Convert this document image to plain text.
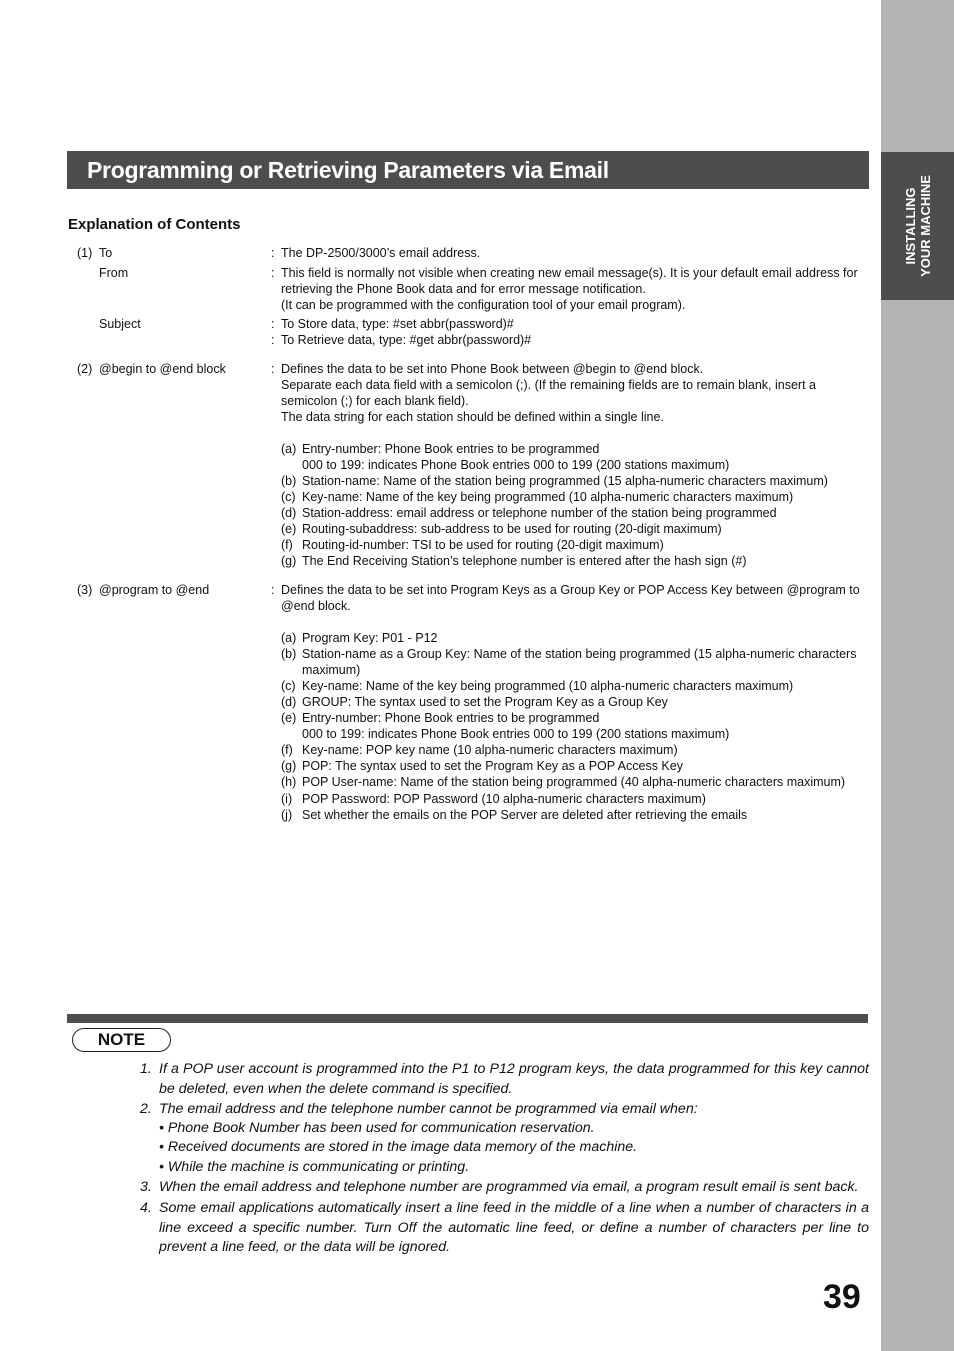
INSTALLING YOUR MACHINE
Programming or Retrieving Parameters via Email
Explanation of Contents
(1) To	: The DP-2500/3000’s email address.
From	: This field is normally not visible when creating new email message(s). It is your default email address for
retrieving the Phone Book data and for error message notification.
(It can be programmed with the configuration tool of your email program).
Subject	: To Store data, type: #set abbr(password)#
: To Retrieve data, type: #get abbr(password)#
(2) @begin to @end block	: Defines the data to be set into Phone Book between @begin to @end block.
Separate each data field with a semicolon (;). (If the remaining fields are to remain blank, insert a
semicolon (;) for each blank field).
The data string for each station should be defined within a single line.
(a) Entry-number: Phone Book entries to be programmed
000 to 199: indicates Phone Book entries 000 to 199 (200 stations maximum)
(b) Station-name: Name of the station being programmed (15 alpha-numeric characters maximum)
(c) Key-name: Name of the key being programmed (10 alpha-numeric characters maximum)
(d) Station-address: email address or telephone number of the station being programmed
(e) Routing-subaddress: sub-address to be used for routing (20-digit maximum)
(f) Routing-id-number: TSI to be used for routing (20-digit maximum)
(g) The End Receiving Station’s telephone number is entered after the hash sign (#)
(3) @program to @end	: Defines the data to be set into Program Keys as a Group Key or POP Access Key between @program to
@end block.
(a) Program Key: P01 - P12
(b) Station-name as a Group Key: Name of the station being programmed (15 alpha-numeric characters
maximum)
(c) Key-name: Name of the key being programmed (10 alpha-numeric characters maximum)
(d) GROUP: The syntax used to set the Program Key as a Group Key
(e) Entry-number: Phone Book entries to be programmed
000 to 199: indicates Phone Book entries 000 to 199 (200 stations maximum)
(f) Key-name: POP key name (10 alpha-numeric characters maximum)
(g) POP: The syntax used to set the Program Key as a POP Access Key
(h) POP User-name: Name of the station being programmed (40 alpha-numeric characters maximum)
(i) POP Password: POP Password (10 alpha-numeric characters maximum)
(j) Set whether the emails on the POP Server are deleted after retrieving the emails
NOTE
1. If a POP user account is programmed into the P1 to P12 program keys, the data programmed for this key cannot be deleted, even when the delete command is specified.
2. The email address and the telephone number cannot be programmed via email when:
• Phone Book Number has been used for communication reservation.
• Received documents are stored in the image data memory of the machine.
• While the machine is communicating or printing.
3. When the email address and telephone number are programmed via email, a program result email is sent back.
4. Some email applications automatically insert a line feed in the middle of a line when a number of characters in a line exceed a specific number. Turn Off the automatic line feed, or define a number of characters per line to prevent a line feed, or the data will be ignored.
39
